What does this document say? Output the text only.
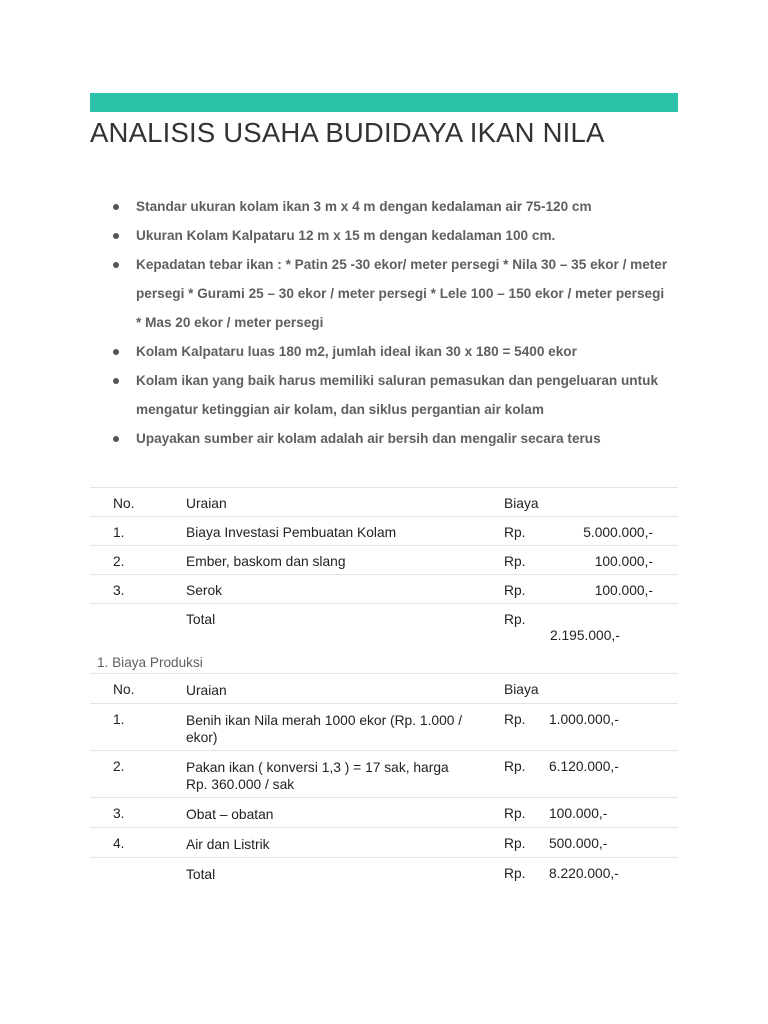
ANALISIS USAHA BUDIDAYA IKAN NILA
Standar ukuran kolam ikan 3 m x 4 m dengan kedalaman air 75-120 cm
Ukuran Kolam Kalpataru 12 m x 15 m dengan kedalaman 100 cm.
Kepadatan tebar ikan : * Patin 25 -30 ekor/ meter persegi * Nila 30 – 35 ekor / meter persegi * Gurami 25 – 30 ekor / meter persegi * Lele 100 – 150 ekor / meter persegi * Mas 20 ekor / meter persegi
Kolam Kalpataru luas 180 m2, jumlah ideal ikan 30 x 180 = 5400 ekor
Kolam ikan yang baik harus memiliki saluran pemasukan dan pengeluaran untuk mengatur ketinggian air kolam, dan siklus pergantian air kolam
Upayakan sumber air kolam adalah air bersih dan mengalir secara terus
No.	Uraian	Biaya	
1.	Biaya Investasi Pembuatan Kolam	Rp.	5.000.000,-
2.	Ember, baskom dan slang	Rp.	100.000,-
3.	Serok	Rp.	100.000,-
	Total	Rp.	2.195.000,-
1. Biaya Produksi
No.	Uraian	Biaya	
1.	Benih ikan Nila merah 1000 ekor (Rp. 1.000 / ekor)	Rp.	1.000.000,-
2.	Pakan ikan ( konversi 1,3 ) = 17 sak, harga Rp. 360.000 / sak	Rp.	6.120.000,-
3.	Obat – obatan	Rp.	100.000,-
4.	Air dan Listrik	Rp.	500.000,-
	Total	Rp.	8.220.000,-
